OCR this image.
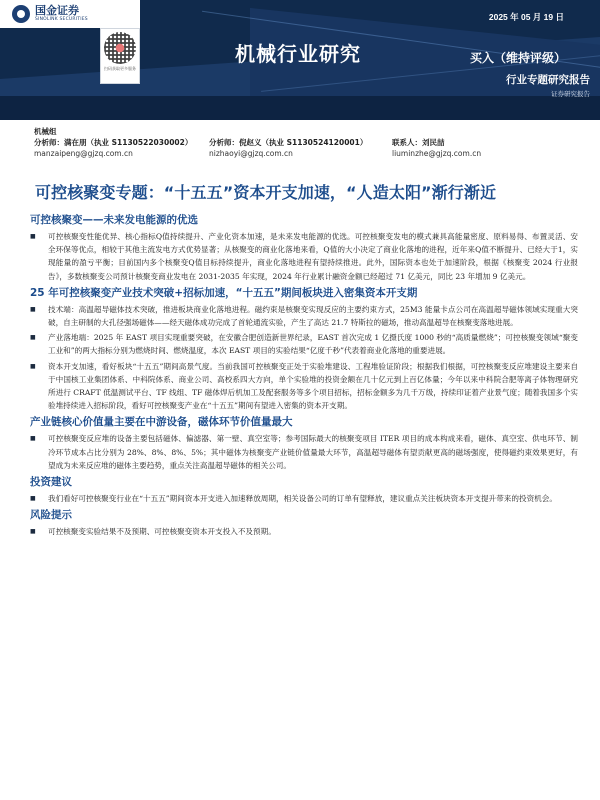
国金证券
SINOLINK SECURITIES
扫码获取更多服务
2025 年 05 月 19 日
机械行业研究	买入（维持评级）
行业专题研究报告
证券研究报告
机械组
分析师：满在朋（执业 S1130522030002）	分析师：倪赵义（执业 S1130524120001）	联系人：刘民喆
manzaipeng@gjzq.com.cn	nizhaoyi@gjzq.com.cn	liuminzhe@gjzq.com.cn
可控核聚变专题：“十五五”资本开支加速，“人造太阳”渐行渐近
可控核聚变——未来发电能源的优选
■	可控核聚变性能优异、核心指标Q值持续提升、产业化资本加速，是未来发电能源的优选。可控核聚变发电的模式兼具高能量密度、原料易得、布置灵活、安全环保等优点，相较于其他主流发电方式优势显著；从核聚变的商业化落地来看，Q值的大小决定了商业化落地的进程，近年来Q值不断提升、已经大于1，实现能量的盈亏平衡；目前国内多个核聚变Q值目标持续提升，商业化落地进程有望持续推进。此外，国际资本也处于加速阶段，根据《核聚变 2024 行业报告》，多数核聚变公司预计核聚变商业发电在 2031-2035 年实现，2024 年行业累计融资金额已经超过 71 亿美元，同比 23 年增加 9 亿美元。
25 年可控核聚变产业技术突破+招标加速，“十五五”期间板块进入密集资本开支期
■	技术端：高温超导磁体技术突破，推进板块商业化落地进程。磁约束是核聚变实现反应的主要约束方式，25M3 能量卡点公司在高温超导磁体领域实现重大突破，自主研制的大孔径强场磁体——经天磁体成功完成了首轮通流实验，产生了高达 21.7 特斯拉的磁场，推动高温超导在核聚变落地进展。
■	产业落地端：2025 年 EAST 项目实现重要突破，在安徽合肥创造新世界纪录，EAST 首次完成 1 亿摄氏度 1000 秒的“高质量燃烧”；可控核聚变领域“聚变工业和”的两大指标分别为燃烧时间、燃烧温度，本次 EAST 项目的实验结果“亿度千秒”代表着商业化落地的重要进展。
■	资本开支加速，看好板块“十五五”期间高景气度。当前我国可控核聚变正处于实验堆建设、工程堆验证阶段；根据我们根据，可控核聚变反应堆建设主要来自于中国核工业集团体系、中科院体系、商业公司、高校系四大方向，单个实验堆的投资金额在几十亿元到上百亿体量；今年以来中科院合肥等离子体物理研究所进行 CRAFT 低温测试平台、TF 线组、TF 磁体焊后机加工及配套服务等多个项目招标，招标金额多为几千万级，持续印证着产业景气度；随着我国多个实验堆持续进入招标阶段，看好可控核聚变产业在“十五五”期间有望进入密集的资本开支期。
产业链核心价值量主要在中游设备，磁体环节价值量最大
■	可控核聚变反应堆的设备主要包括磁体、偏滤器、第一壁、真空室等；参考国际最大的核聚变项目 ITER 项目的成本构成来看，磁体、真空室、供电环节、制冷环节成本占比分别为 28%、8%、8%、5%；其中磁体为核聚变产业链价值量最大环节，高温超导磁体有望贡献更高的磁场强度，使得磁约束效果更好，有望成为未来反应堆的磁体主要趋势，重点关注高温超导磁体的相关公司。
投资建议
■	我们看好可控核聚变行业在“十五五”期间资本开支进入加速释放周期，相关设备公司的订单有望释放，建议重点关注板块资本开支提升带来的投资机会。
风险提示
■	可控核聚变实验结果不及预期、可控核聚变资本开支投入不及预期。
